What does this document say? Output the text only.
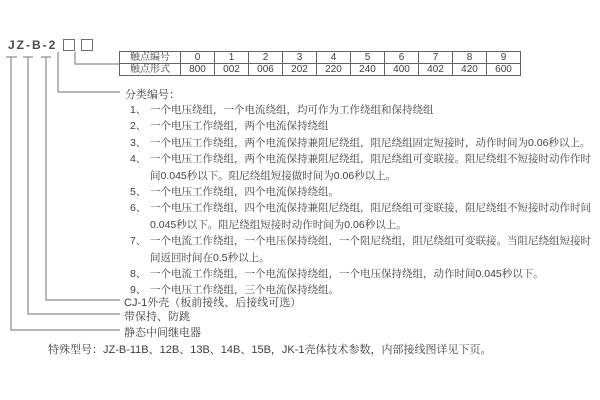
JZ-B-2
触点编号	0	1	2	3	4	5	6	7	8	9
触点形式	800	002	006	202	220	240	400	402	420	600
分类编号：
1、 一个电压绕组，一个电流绕组，均可作为工作绕组和保持绕组
2、 一个电压工作绕组，两个电流保持绕组
3、 一个电压工作绕组，两个电流保持兼阻尼绕组，阻尼绕组固定短接时，动作时间为0.06秒以上。
4、 一个电压工作绕组，两个电流保持兼阻尼绕组，阻尼绕组可变联接。阻尼绕组不短接时动作作时
间0.045秒以下。阻尼绕组短接做时间为0.06秒以上。
5、 一个电压工作绕组，四个电流保持绕组。
6、 一个电压工作绕组，四个电流保持兼阻尼绕组，阻尼绕组可变联接，阻尼绕组不短接时动作时间
0.045秒以下。阻尼绕组短接时动作时间为0.06秒以上。
7、 一个电流工作绕组，一个电压保持绕组，一个阻尼绕组，阻尼绕组可变联接。当阻尼绕组短接时
间返回时间在0.5秒以上。
8、 一个电流工作绕组，一个电流保持绕组，一个电压保持绕组，动作时间0.045秒以下。
9、 一个电压工作绕组，三个电流保持绕组。
CJ-1外壳（板前接线、后接线可选）
带保持、防跳
静态中间继电器
特殊型号：JZ-B-11B、12B、13B、14B、15B，JK-1壳体技术参数，内部接线图详见下页。
